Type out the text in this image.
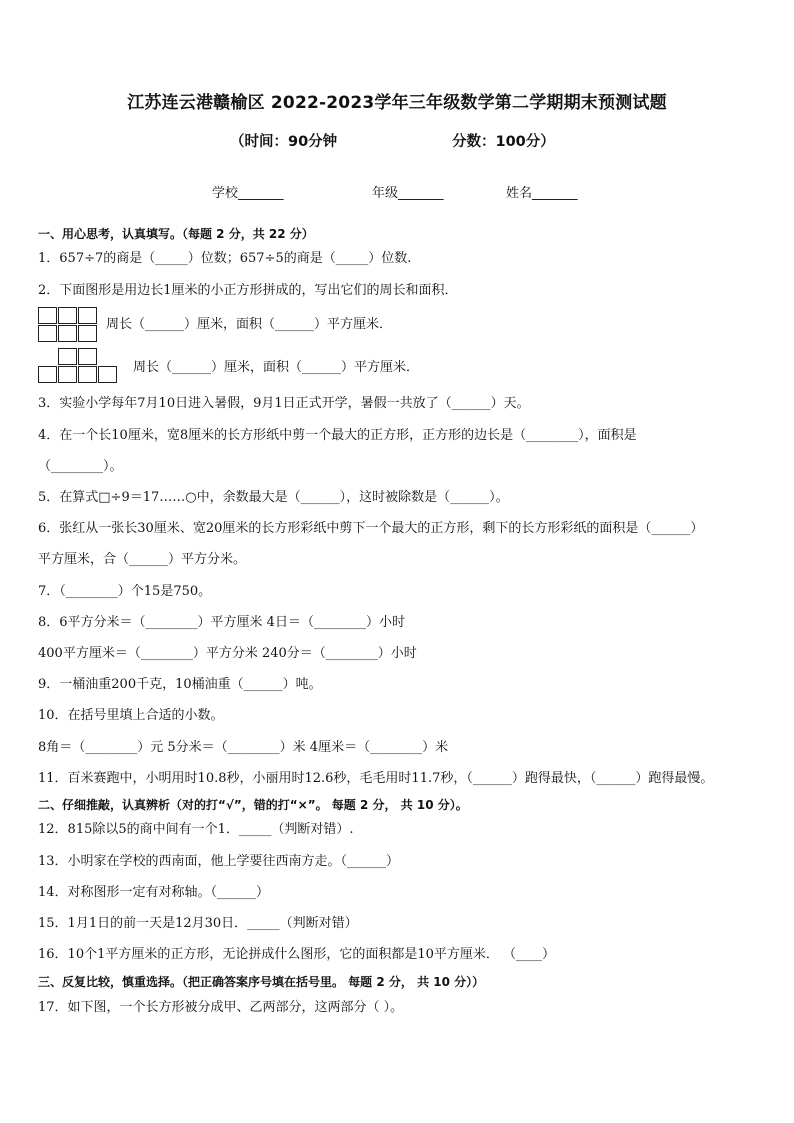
江苏连云港赣榆区 2022-2023学年三年级数学第二学期期末预测试题
（时间：90分钟	分数：100分）
学校_______	年级_______	姓名_______
一、用心思考，认真填写。（每题 2 分，共 22 分）
1．657÷7的商是（_____）位数；657÷5的商是（_____）位数.
2．下面图形是用边长1厘米的小正方形拼成的，写出它们的周长和面积．
周长（______）厘米，面积（______）平方厘米．
周长（______）厘米，面积（______）平方厘米．
3．实验小学每年7月10日进入暑假，9月1日正式开学，暑假一共放了（______）天。
4．在一个长10厘米，宽8厘米的长方形纸中剪一个最大的正方形，正方形的边长是（________），面积是
（________）。
5．在算式□÷9＝17……○中，余数最大是（______），这时被除数是（______）。
6．张红从一张长30厘米、宽20厘米的长方形彩纸中剪下一个最大的正方形，剩下的长方形彩纸的面积是（______）
平方厘米，合（______）平方分米。
7．（________）个15是750。
8．6平方分米＝（________）平方厘米 4日＝（________）小时
400平方厘米＝（________）平方分米 240分＝（________）小时
9．一桶油重200千克，10桶油重（______）吨。
10．在括号里填上合适的小数。
8角＝（________）元 5分米＝（________）米 4厘米＝（________）米
11．百米赛跑中，小明用时10.8秒，小丽用时12.6秒，毛毛用时11.7秒，（______）跑得最快，（______）跑得最慢。
二、仔细推敲，认真辨析（对的打“√”，错的打“×”。 每题 2 分， 共 10 分）。
12．815除以5的商中间有一个1．_____（判断对错）.
13．小明家在学校的西南面，他上学要往西南方走。（______）
14．对称图形一定有对称轴。（______）
15．1月1日的前一天是12月30日．_____（判断对错）
16．10个1平方厘米的正方形，无论拼成什么图形，它的面积都是10平方厘米． （____）
三、反复比较，慎重选择。（把正确答案序号填在括号里。 每题 2 分， 共 10 分））
17．如下图，一个长方形被分成甲、乙两部分，这两部分（ ）。
